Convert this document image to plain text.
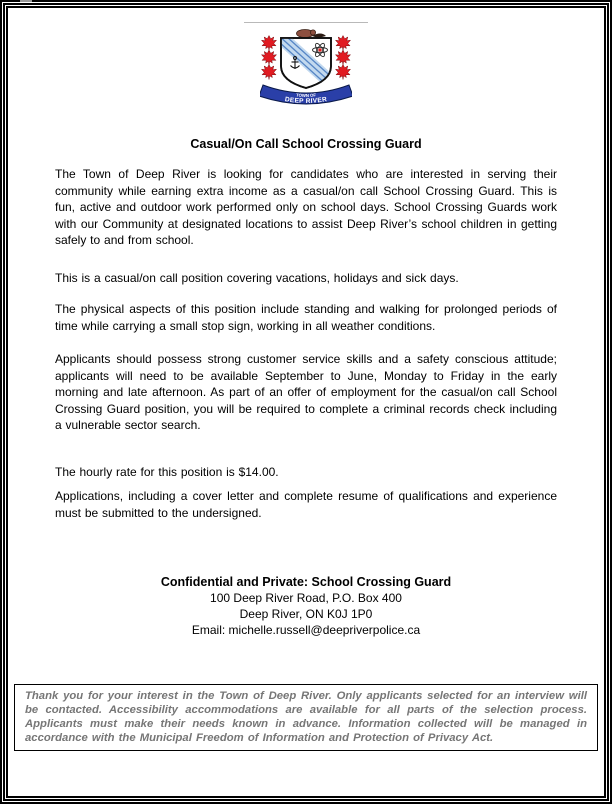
TOWN OF
DEEP RIVER
Casual/On Call School Crossing Guard

The Town of Deep River is looking for candidates who are interested in serving their community while earning extra income as a casual/on call School Crossing Guard. This is fun, active and outdoor work performed only on school days. School Crossing Guards work with our Community at designated locations to assist Deep River’s school children in getting safely to and from school.

This is a casual/on call position covering vacations, holidays and sick days.

The physical aspects of this position include standing and walking for prolonged periods of time while carrying a small stop sign, working in all weather conditions.

Applicants should possess strong customer service skills and a safety conscious attitude; applicants will need to be available September to June, Monday to Friday in the early morning and late afternoon. As part of an offer of employment for the casual/on call School Crossing Guard position, you will be required to complete a criminal records check including a vulnerable sector search.

The hourly rate for this position is $14.00.

Applications, including a cover letter and complete resume of qualifications and experience must be submitted to the undersigned.

Confidential and Private: School Crossing Guard
100 Deep River Road, P.O. Box 400
Deep River, ON K0J 1P0
Email: michelle.russell@deepriverpolice.ca

Thank you for your interest in the Town of Deep River. Only applicants selected for an interview will be contacted. Accessibility accommodations are available for all parts of the selection process. Applicants must make their needs known in advance. Information collected will be managed in accordance with the Municipal Freedom of Information and Protection of Privacy Act.
